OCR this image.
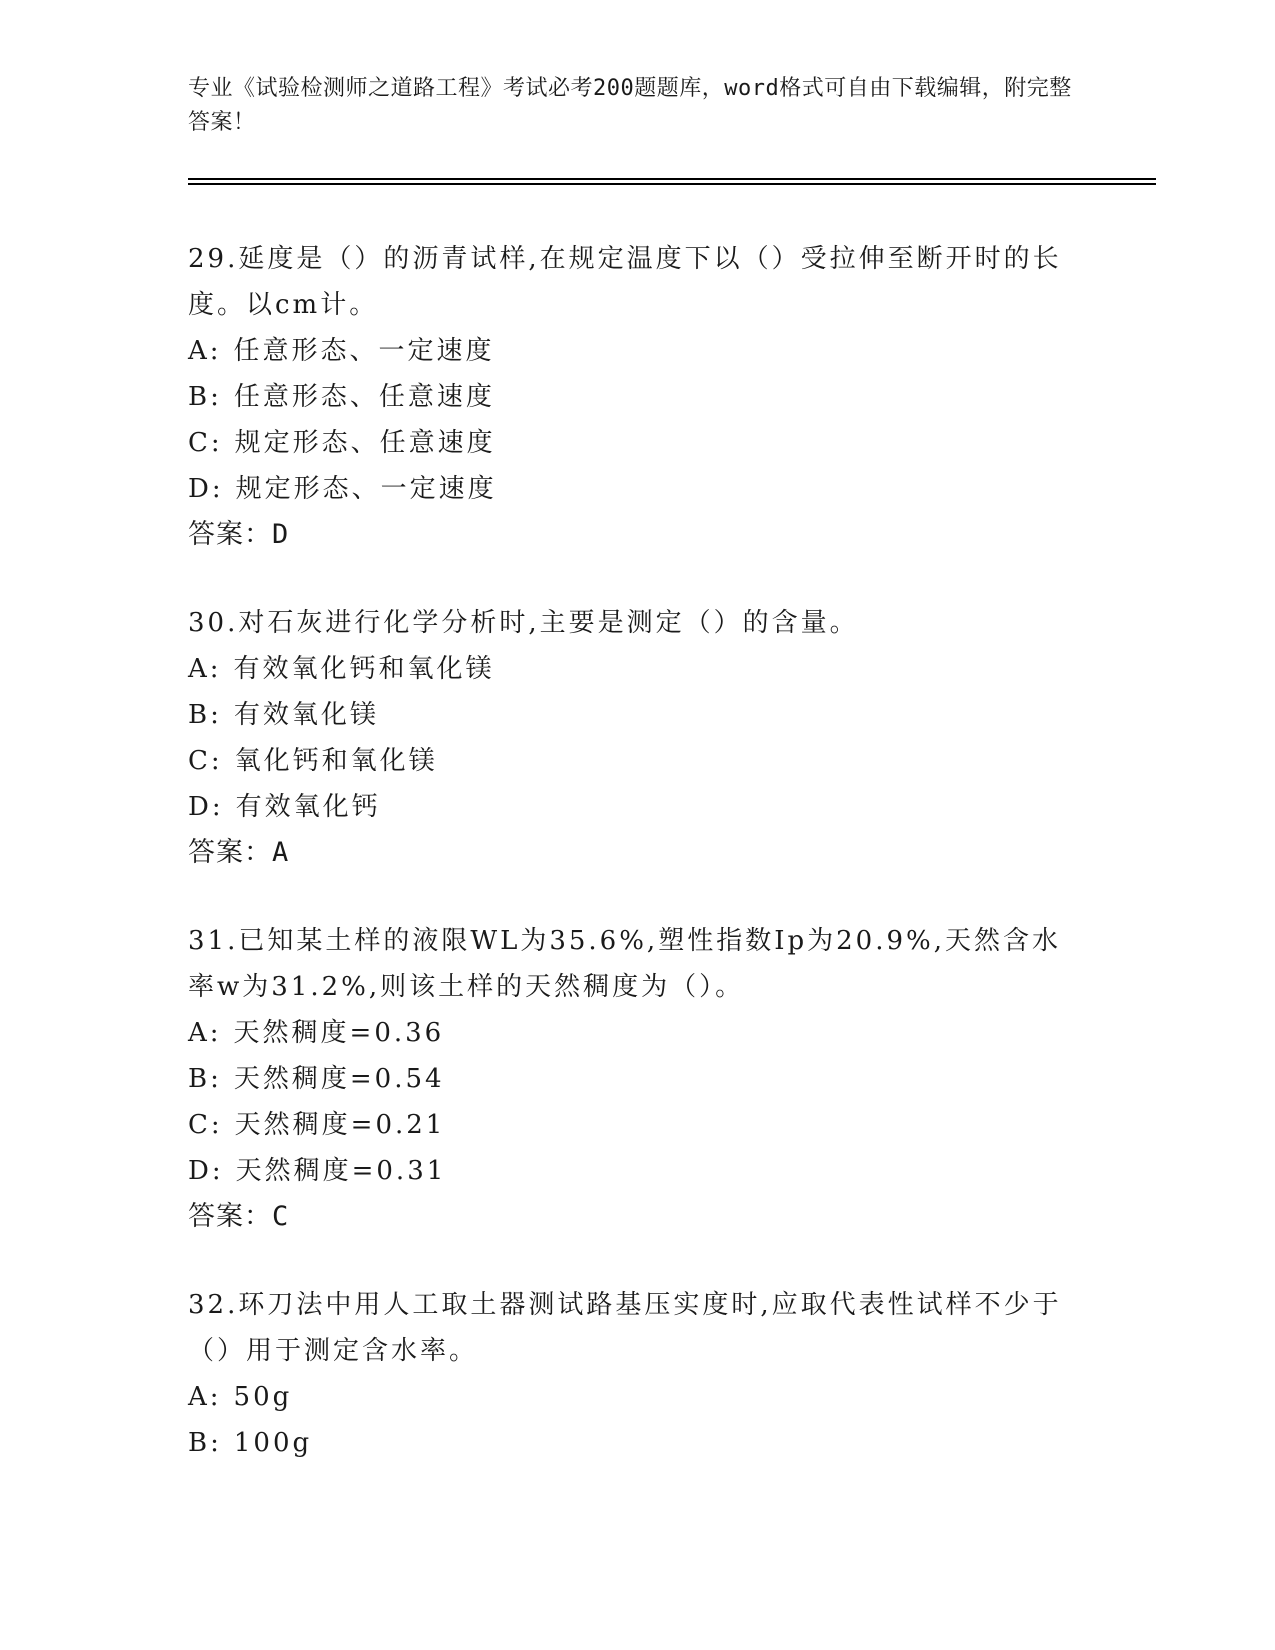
专业《试验检测师之道路工程》考试必考200题题库，word格式可自由下载编辑，附完整答案！
29.延度是（）的沥青试样,在规定温度下以（）受拉伸至断开时的长度。以cm计。
A: 任意形态、一定速度
B: 任意形态、任意速度
C: 规定形态、任意速度
D: 规定形态、一定速度
答案：D
30.对石灰进行化学分析时,主要是测定（）的含量。
A: 有效氧化钙和氧化镁
B: 有效氧化镁
C: 氧化钙和氧化镁
D: 有效氧化钙
答案：A
31.已知某土样的液限WL为35.6%,塑性指数Ip为20.9%,天然含水率w为31.2%,则该土样的天然稠度为（）。
A: 天然稠度=0.36
B: 天然稠度=0.54
C: 天然稠度=0.21
D: 天然稠度=0.31
答案：C
32.环刀法中用人工取土器测试路基压实度时,应取代表性试样不少于（）用于测定含水率。
A: 50g
B: 100g
